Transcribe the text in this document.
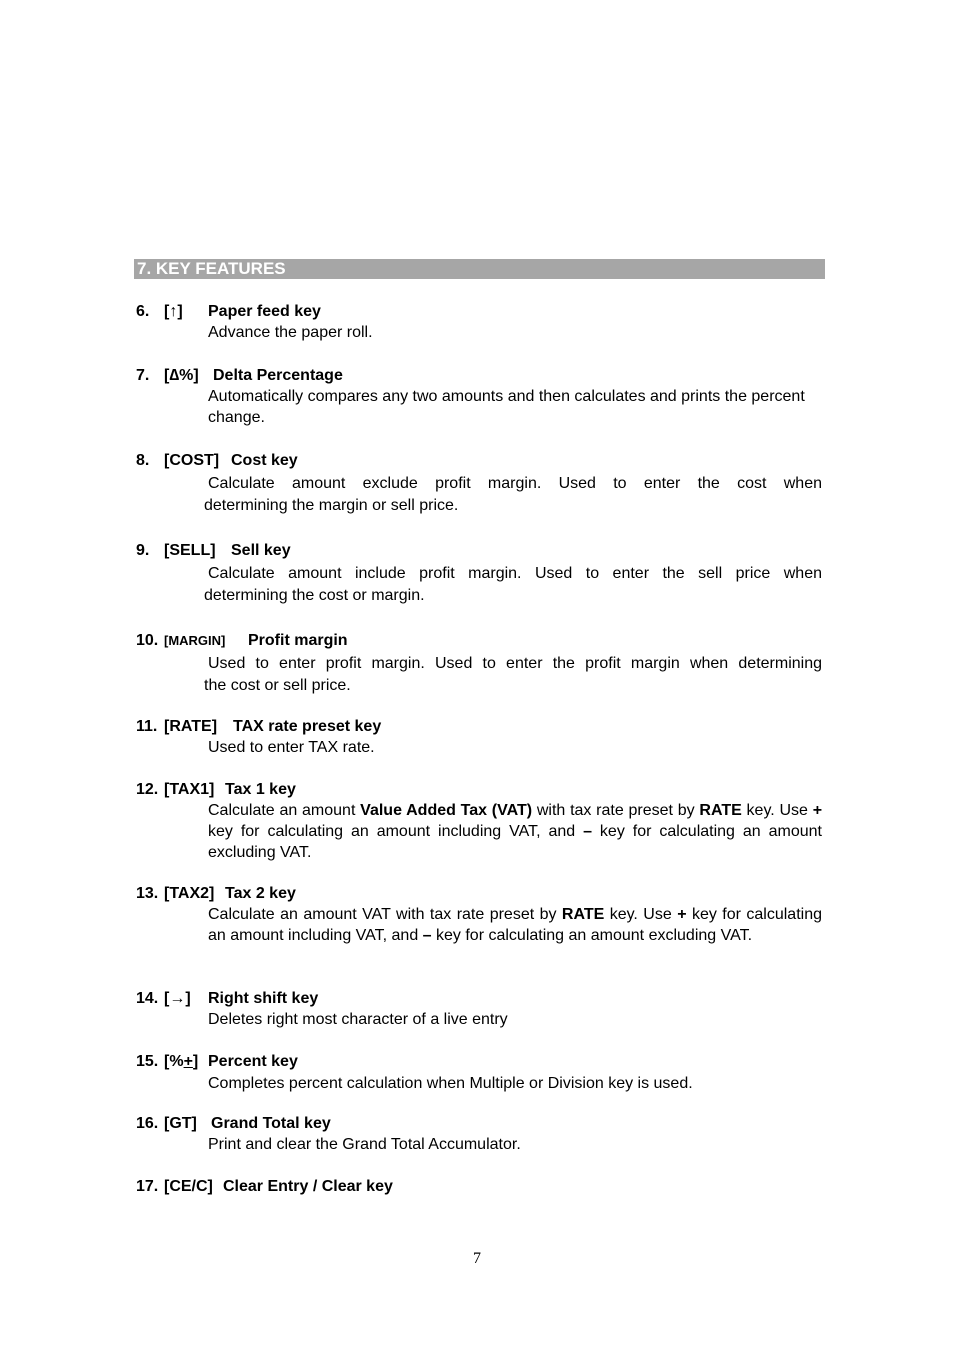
7. KEY FEATURES
6. [↑] Paper feed key
Advance the paper roll.
7. [∆%] Delta Percentage
Automatically compares any two amounts and then calculates and prints the percent change.
8. [COST] Cost key
Calculate amount exclude profit margin. Used to enter the cost when
determining the margin or sell price.
9. [SELL] Sell key
Calculate amount include profit margin. Used to enter the sell price when
determining the cost or margin.
10. [MARGIN] Profit margin
Used to enter profit margin. Used to enter the profit margin when determining
the cost or sell price.
11. [RATE] TAX rate preset key
Used to enter TAX rate.
12. [TAX1] Tax 1 key
Calculate an amount Value Added Tax (VAT) with tax rate preset by RATE key. Use + key for calculating an amount including VAT, and – key for calculating an amount excluding VAT.
13. [TAX2] Tax 2 key
Calculate an amount VAT with tax rate preset by RATE key. Use + key for calculating an amount including VAT, and – key for calculating an amount excluding VAT.
14. [→] Right shift key
Deletes right most character of a live entry
15. [%+] Percent key
Completes percent calculation when Multiple or Division key is used.
16. [GT] Grand Total key
Print and clear the Grand Total Accumulator.
17. [CE/C] Clear Entry / Clear key
7
